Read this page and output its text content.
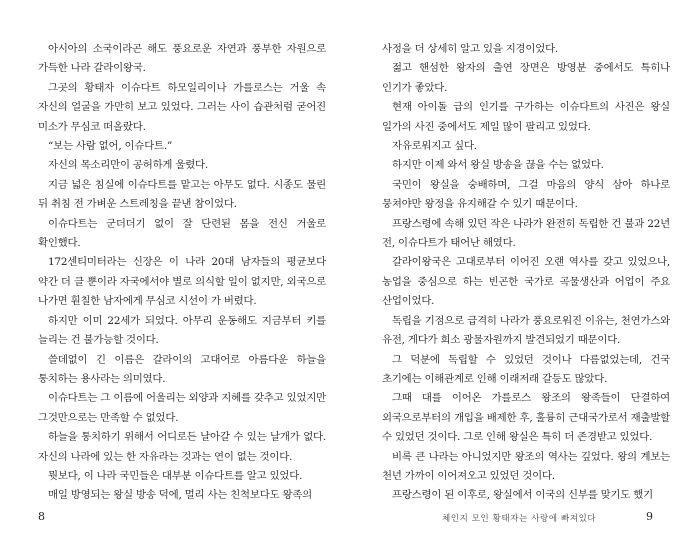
아시아의 소국이라곤 해도 풍요로운 자연과 풍부한 자원으로 가득한 나라 갈라이왕국.

그곳의 황태자 이슈다트 하모일리이나 가를로스는 거울 속 자신의 얼굴을 가만히 보고 있었다. 그러는 사이 습관처럼 굳어진 미소가 무심코 떠올랐다.

“보는 사람 없어, 이슈다트.”

자신의 목소리만이 공허하게 울렸다.

지금 넓은 침실에 이슈다트를 맡고는 아무도 없다. 시종도 물린 뒤 취침 전 가벼운 스트레칭을 끝낸 참이었다.

이슈다트는 군더더기 없이 잘 단련된 몸을 전신 거울로 확인했다.

172센티미터라는 신장은 이 나라 20대 남자들의 평균보다 약간 더 클 뿐이라 자국에서야 별로 의식할 일이 없지만, 외국으로 나가면 훤칠한 남자에게 무심코 시선이 가 버렸다.

하지만 이미 22세가 되었다. 아무리 운동해도 지금부터 키를 늘리는 건 불가능할 것이다.

쓸데없이 긴 이름은 갈라이의 고대어로 아름다운 하늘을 통치하는 용사라는 의미였다.

이슈다트는 그 이름에 어울리는 외양과 지혜를 갖추고 있었지만 그것만으로는 만족할 수 없었다.

하늘을 통치하기 위해서 어디로든 날아갈 수 있는 날개가 없다. 자신의 나라에 있는 한 자유라는 것과는 연이 없는 것이다.

뭣보다, 이 나라 국민들은 대부분 이슈다트를 알고 있었다.

매일 방영되는 왕실 방송 덕에, 멀리 사는 친척보다도 왕족의

사정을 더 상세히 알고 있을 지경이었다.

젊고 핸섬한 왕자의 출연 장면은 방영분 중에서도 특히나 인기가 좋았다.

현재 아이돌 급의 인기를 구가하는 이슈다트의 사진은 왕실 일가의 사진 중에서도 제일 많이 팔리고 있었다.

자유로워지고 싶다.

하지만 이제 와서 왕실 방송을 끊을 수는 없었다.

국민이 왕실을 숭배하며, 그걸 마음의 양식 삼아 하나로 뭉쳐야만 왕정을 유지해갈 수 있기 때문이다.

프랑스령에 속해 있던 작은 나라가 완전히 독립한 건 불과 22년 전, 이슈다트가 태어난 해였다.

갈라이왕국은 고대로부터 이어진 오랜 역사를 갖고 있었으나, 농업을 중심으로 하는 빈곤한 국가로 곡물생산과 어업이 주요 산업이었다.

독립을 기점으로 급격히 나라가 풍요로워진 이유는, 천연가스와 유전, 게다가 희소 광물자원까지 발견되었기 때문이다.

그 덕분에 독립할 수 있었던 것이나 다름없었는데, 건국 초기에는 이해관계로 인해 이래저래 갈등도 많았다.

그때 대를 이어온 가를로스 왕조의 왕족들이 단결하여 외국으로부터의 개입을 배제한 후, 훌륭히 근대국가로서 재출발할 수 있었던 것이다. 그로 인해 왕실은 특히 더 존경받고 있었다.

비록 큰 나라는 아니었지만 왕조의 역사는 깊었다. 왕의 계보는 천년 가까이 이어져오고 있었던 것이다.

프랑스령이 된 이후로, 왕실에서 이국의 신부를 맞기도 했기

8	체인지 모인 황태자는 사랑에 빠져있다	9
